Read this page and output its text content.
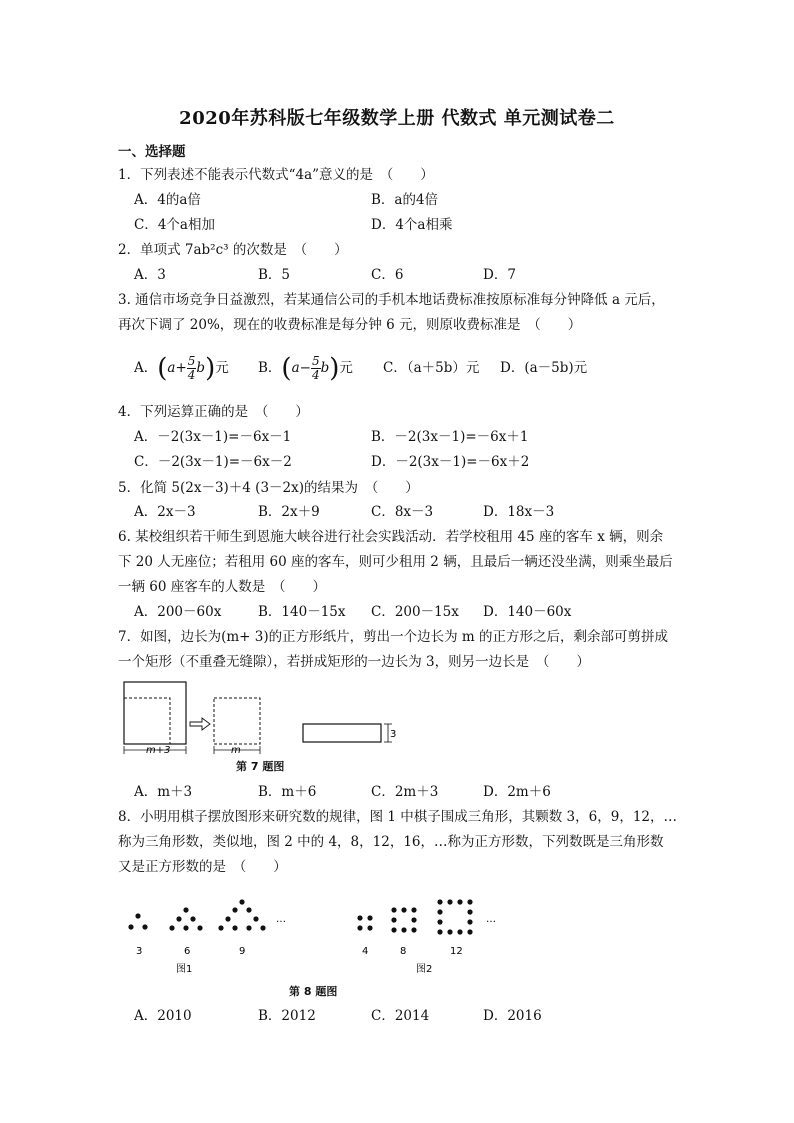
2020年苏科版七年级数学上册 代数式 单元测试卷二
一、选择题
1．下列表述不能表示代数式“4a”意义的是　（　　）
A．4的a倍	B．a的4倍
C．4个a相加	D．4个a相乘
2．单项式 7ab²c³ 的次数是　（　　）
A．3	B．5	C．6	D．7
3. 通信市场竞争日益激烈，若某通信公司的手机本地话费标准按原标准每分钟降低 a 元后，
再次下调了 20%，现在的收费标准是每分钟 6 元，则原收费标准是　（　　）
A．$(a+ \frac{5}{4} b)$元 B．$(a- \frac{5}{4} b)$元 C．（a＋5b）元 D．(a－5b)元
4．下列运算正确的是　（　　）
A．－2(3x－1)=－6x－1	B．－2(3x－1)=－6x＋1
C．－2(3x－1)=－6x－2	D．－2(3x－1)=－6x＋2
5．化简 5(2x－3)＋4 (3－2x)的结果为　（　　）
A．2x－3	B．2x＋9	C．8x－3	D．18x－3
6. 某校组织若干师生到恩施大峡谷进行社会实践活动．若学校租用 45 座的客车 x 辆，则余
下 20 人无座位；若租用 60 座的客车，则可少租用 2 辆，且最后一辆还没坐满，则乘坐最后
一辆 60 座客车的人数是　（　　）
A．200－60x	B．140－15x C．200－15x D．140－60x
7．如图，边长为(m+ 3)的正方形纸片，剪出一个边长为 m 的正方形之后，剩余部可剪拼成
一个矩形（不重叠无缝隙），若拼成矩形的一边长为 3，则另一边长是　（　　）
m+3	m
3
第 7 题图
A．m＋3	B．m＋6	C．2m＋3	D．2m＋6
8．小明用棋子摆放图形来研究数的规律，图 1 中棋子围成三角形，其颗数 3，6，9，12，…
称为三角形数，类似地，图 2 中的 4，8，12，16，…称为正方形数，下列数既是三角形数
又是正方形数的是　（　　）
…
3	6	9
图1
…
4	8	12
图2
第 8 题图
A．2010	B．2012	C．2014	D．2016
